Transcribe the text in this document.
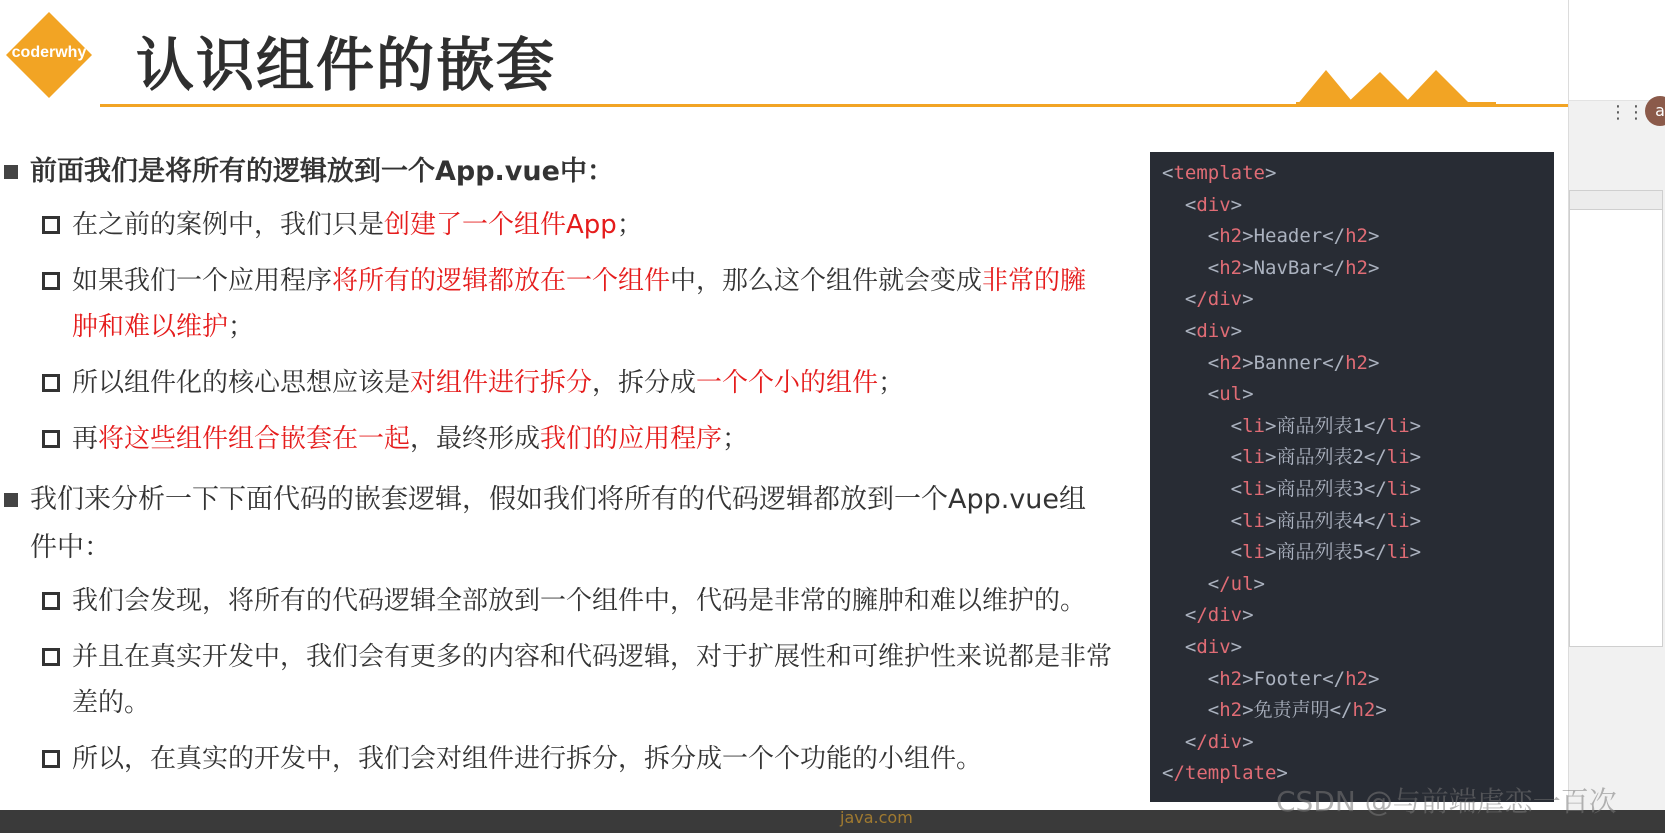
coderwhy 认识组件的嵌套
前面我们是将所有的逻辑放到一个App.vue中：
在之前的案例中，我们只是创建了一个组件App；
如果我们一个应用程序将所有的逻辑都放在一个组件中，那么这个组件就会变成非常的臃肿和难以维护；
所以组件化的核心思想应该是对组件进行拆分，拆分成一个个小的组件；
再将这些组件组合嵌套在一起，最终形成我们的应用程序；
我们来分析一下下面代码的嵌套逻辑，假如我们将所有的代码逻辑都放到一个App.vue组件中：
我们会发现，将所有的代码逻辑全部放到一个组件中，代码是非常的臃肿和难以维护的。
并且在真实开发中，我们会有更多的内容和代码逻辑，对于扩展性和可维护性来说都是非常差的。
所以，在真实的开发中，我们会对组件进行拆分，拆分成一个个功能的小组件。
<template>
<div>
<h2>Header</h2>
<h2>NavBar</h2>
</div>
<div>
<h2>Banner</h2>
<ul>
<li>商品列表1</li>
<li>商品列表2</li>
<li>商品列表3</li>
<li>商品列表4</li>
<li>商品列表5</li>
</ul>
</div>
<div>
<h2>Footer</h2>
<h2>免责声明</h2>
</div>
</template>
⋮⋮ a
java.com	CSDN @与前端虐恋一百次
